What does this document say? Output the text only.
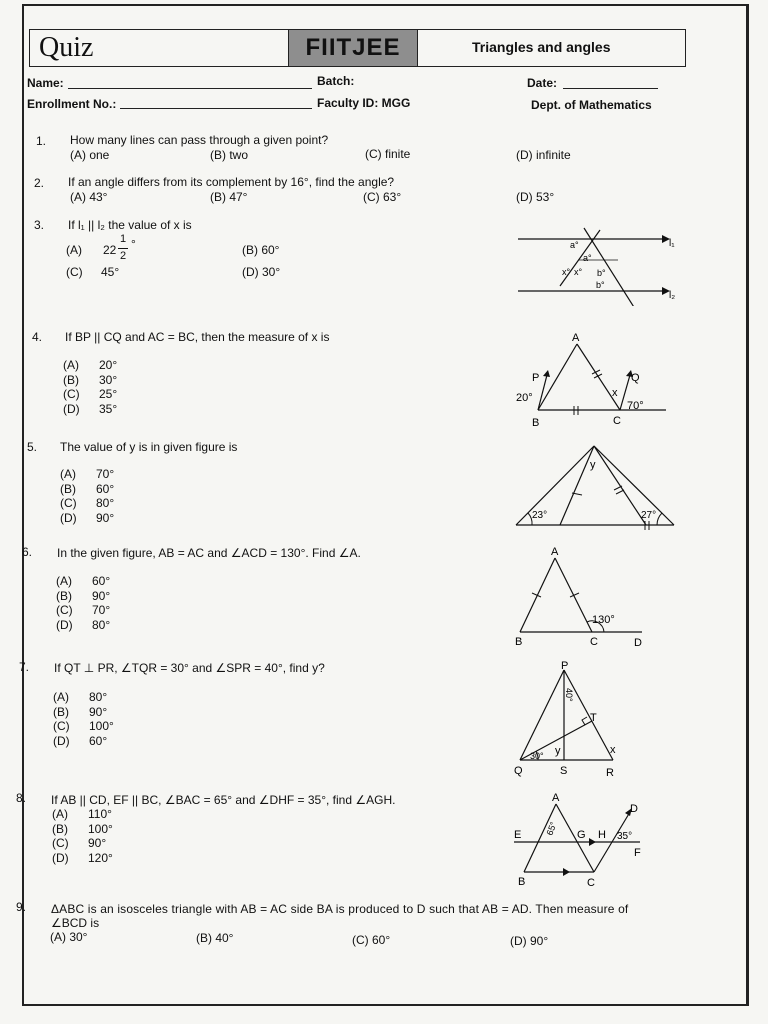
Quiz	FIITJEE	Triangles and angles
Name:	Batch:	Date:
Enrollment No.:	Faculty ID: MGG	Dept. of Mathematics
1. How many lines can pass through a given point?
(A) one	(B) two	(C) finite	(D) infinite
2. If an angle differs from its complement by 16°, find the angle?
(A) 43°	(B) 47°	(C) 63°	(D) 53°
3. If l₁ || l₂ the value of x is
(A) 22
1
2
°	(B) 60°
(C) 45°	(D) 30°
a°
a°
b°
b°
x° x°
l₁
l₂
4. If BP || CQ and AC = BC, then the measure of x is
(A) 20°
(B) 30°
(C) 25°
(D) 35°
A
P	Q
B	C
x
20°
70°
5. The value of y is in given figure is
(A) 70°
(B) 60°
(C) 80°
(D) 90°
y
23°	27°
6. In the given figure, AB = AC and ∠ACD = 130°. Find ∠A.
(A) 60°
(B) 90°
(C) 70°
(D) 80°
A
B	C	D
130°
7. If QT ⊥ PR, ∠TQR = 30° and ∠SPR = 40°, find y?
(A) 80°
(B) 90°
(C) 100°
(D) 60°
P
Q	S	R
T
x
y
30°
40°
8. If AB || CD, EF || BC, ∠BAC = 65° and ∠DHF = 35°, find ∠AGH.
(A) 110°
(B) 100°
(C) 90°
(D) 120°
A
B	C
D
E
F
G H 35°
65°
9. ΔABC is an isosceles triangle with AB = AC side BA is produced to D such that AB = AD. Then measure of
∠BCD is
(A) 30°	(B) 40°	(C) 60°	(D) 90°
